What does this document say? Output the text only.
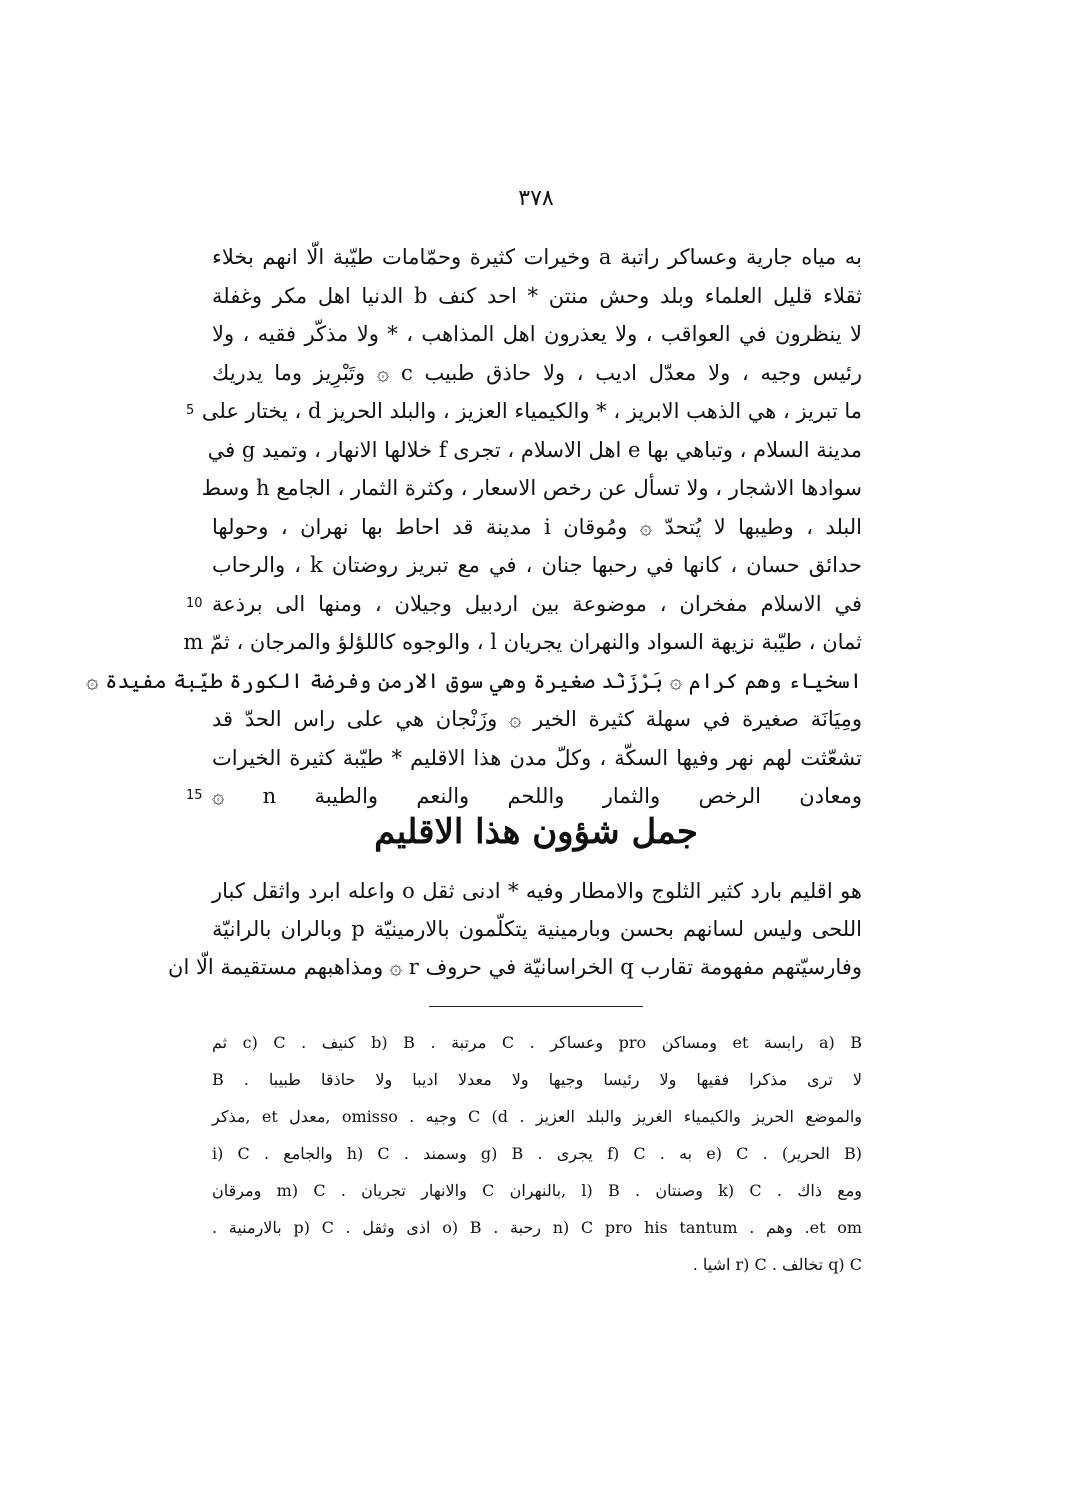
٣٧٨
به مياه جارية وعساكر راتبة a وخيرات كثيرة وحمّامات طيّبة الّا انهم بخلاء
ثقلاء قليل العلماء وبلد وحش منتن * احد كنف b الدنيا اهل مكر وغفلة
لا ينظرون في العواقب ، ولا يعذرون اهل المذاهب ، * ولا مذكّر فقيه ، ولا
رئيس وجيه ، ولا معدّل اديب ، ولا حاذق طبيب c ۞ وتَبْرِيز وما يدريك
ما تبريز ، هي الذهب الابريز ، * والكيمياء العزيز ، والبلد الحريز d ، يختار على
5
مدينة السلام ، وتباهي بها e اهل الاسلام ، تجرى f خلالها الانهار ، وتميد g في
سوادها الاشجار ، ولا تسأل عن رخص الاسعار ، وكثرة الثمار ، الجامع h وسط
البلد ، وطيبها لا يُتحدّ ۞ ومُوقان i مدينة قد احاط بها نهران ، وحولها
حدائق حسان ، كانها في رحبها جنان ، في مع تبريز روضتان k ، والرحاب
في الاسلام مفخران ، موضوعة بين اردبيل وجيلان ، ومنها الى برذعة
10
ثمان ، طيّبة نزيهة السواد والنهران يجريان l ، والوجوه كاللؤلؤ والمرجان ، ثمّ m
اسخياء وهم كرام ۞ بَرْزَنْد صغيرة وهي سوق الارمن وفرضة الكورة طيّبة مفيدة ۞
ومِيَانَة صغيرة في سهلة كثيرة الخير ۞ وزَنْجان هي على راس الحدّ قد
تشعّثت لهم نهر وفيها السكّة ، وكلّ مدن هذا الاقليم * طيّبة كثيرة الخيرات
ومعادن الرخص والثمار واللحم والنعم والطيبة n ۞
15
جمل شؤون هذا الاقليم
هو اقليم بارد كثير الثلوج والامطار وفيه * ادنى ثقل o واعله ابرد واثقل كبار
اللحى وليس لسانهم بحسن وبارمينية يتكلّمون بالارمينيّة p وبالران بالرانيّة
وفارسيّتهم مفهومة تقارب q الخراسانيّة في حروف r ۞ ومذاهبهم مستقيمة الّا ان
a) B رابسة et ومساكن pro وعساكر . C مرتبة . b) B كنيف . c) C ثم
لا ترى مذكرا فقيها ولا رئيسا وجيها ولا معدلا اديبا ولا حاذقا طبيبا . B
والموضع الحريز والكيمياء الغريز والبلد العزيز . C (d وجيه . omisso ,معدل et ,مذكر
(B الحرير) . e) C به . f) C يجرى . g) B وسمند . h) C والجامع . i) C
ومع ذاك . k) C وصنتان . l) B ,بالنهران C والانهار تجريان . m) C ومرقان
et om. وهم . n) C pro his tantum رحبة . o) B اذى وثقل . p) C بالارمنية .
q) C تخالف . r) C اشيا .
